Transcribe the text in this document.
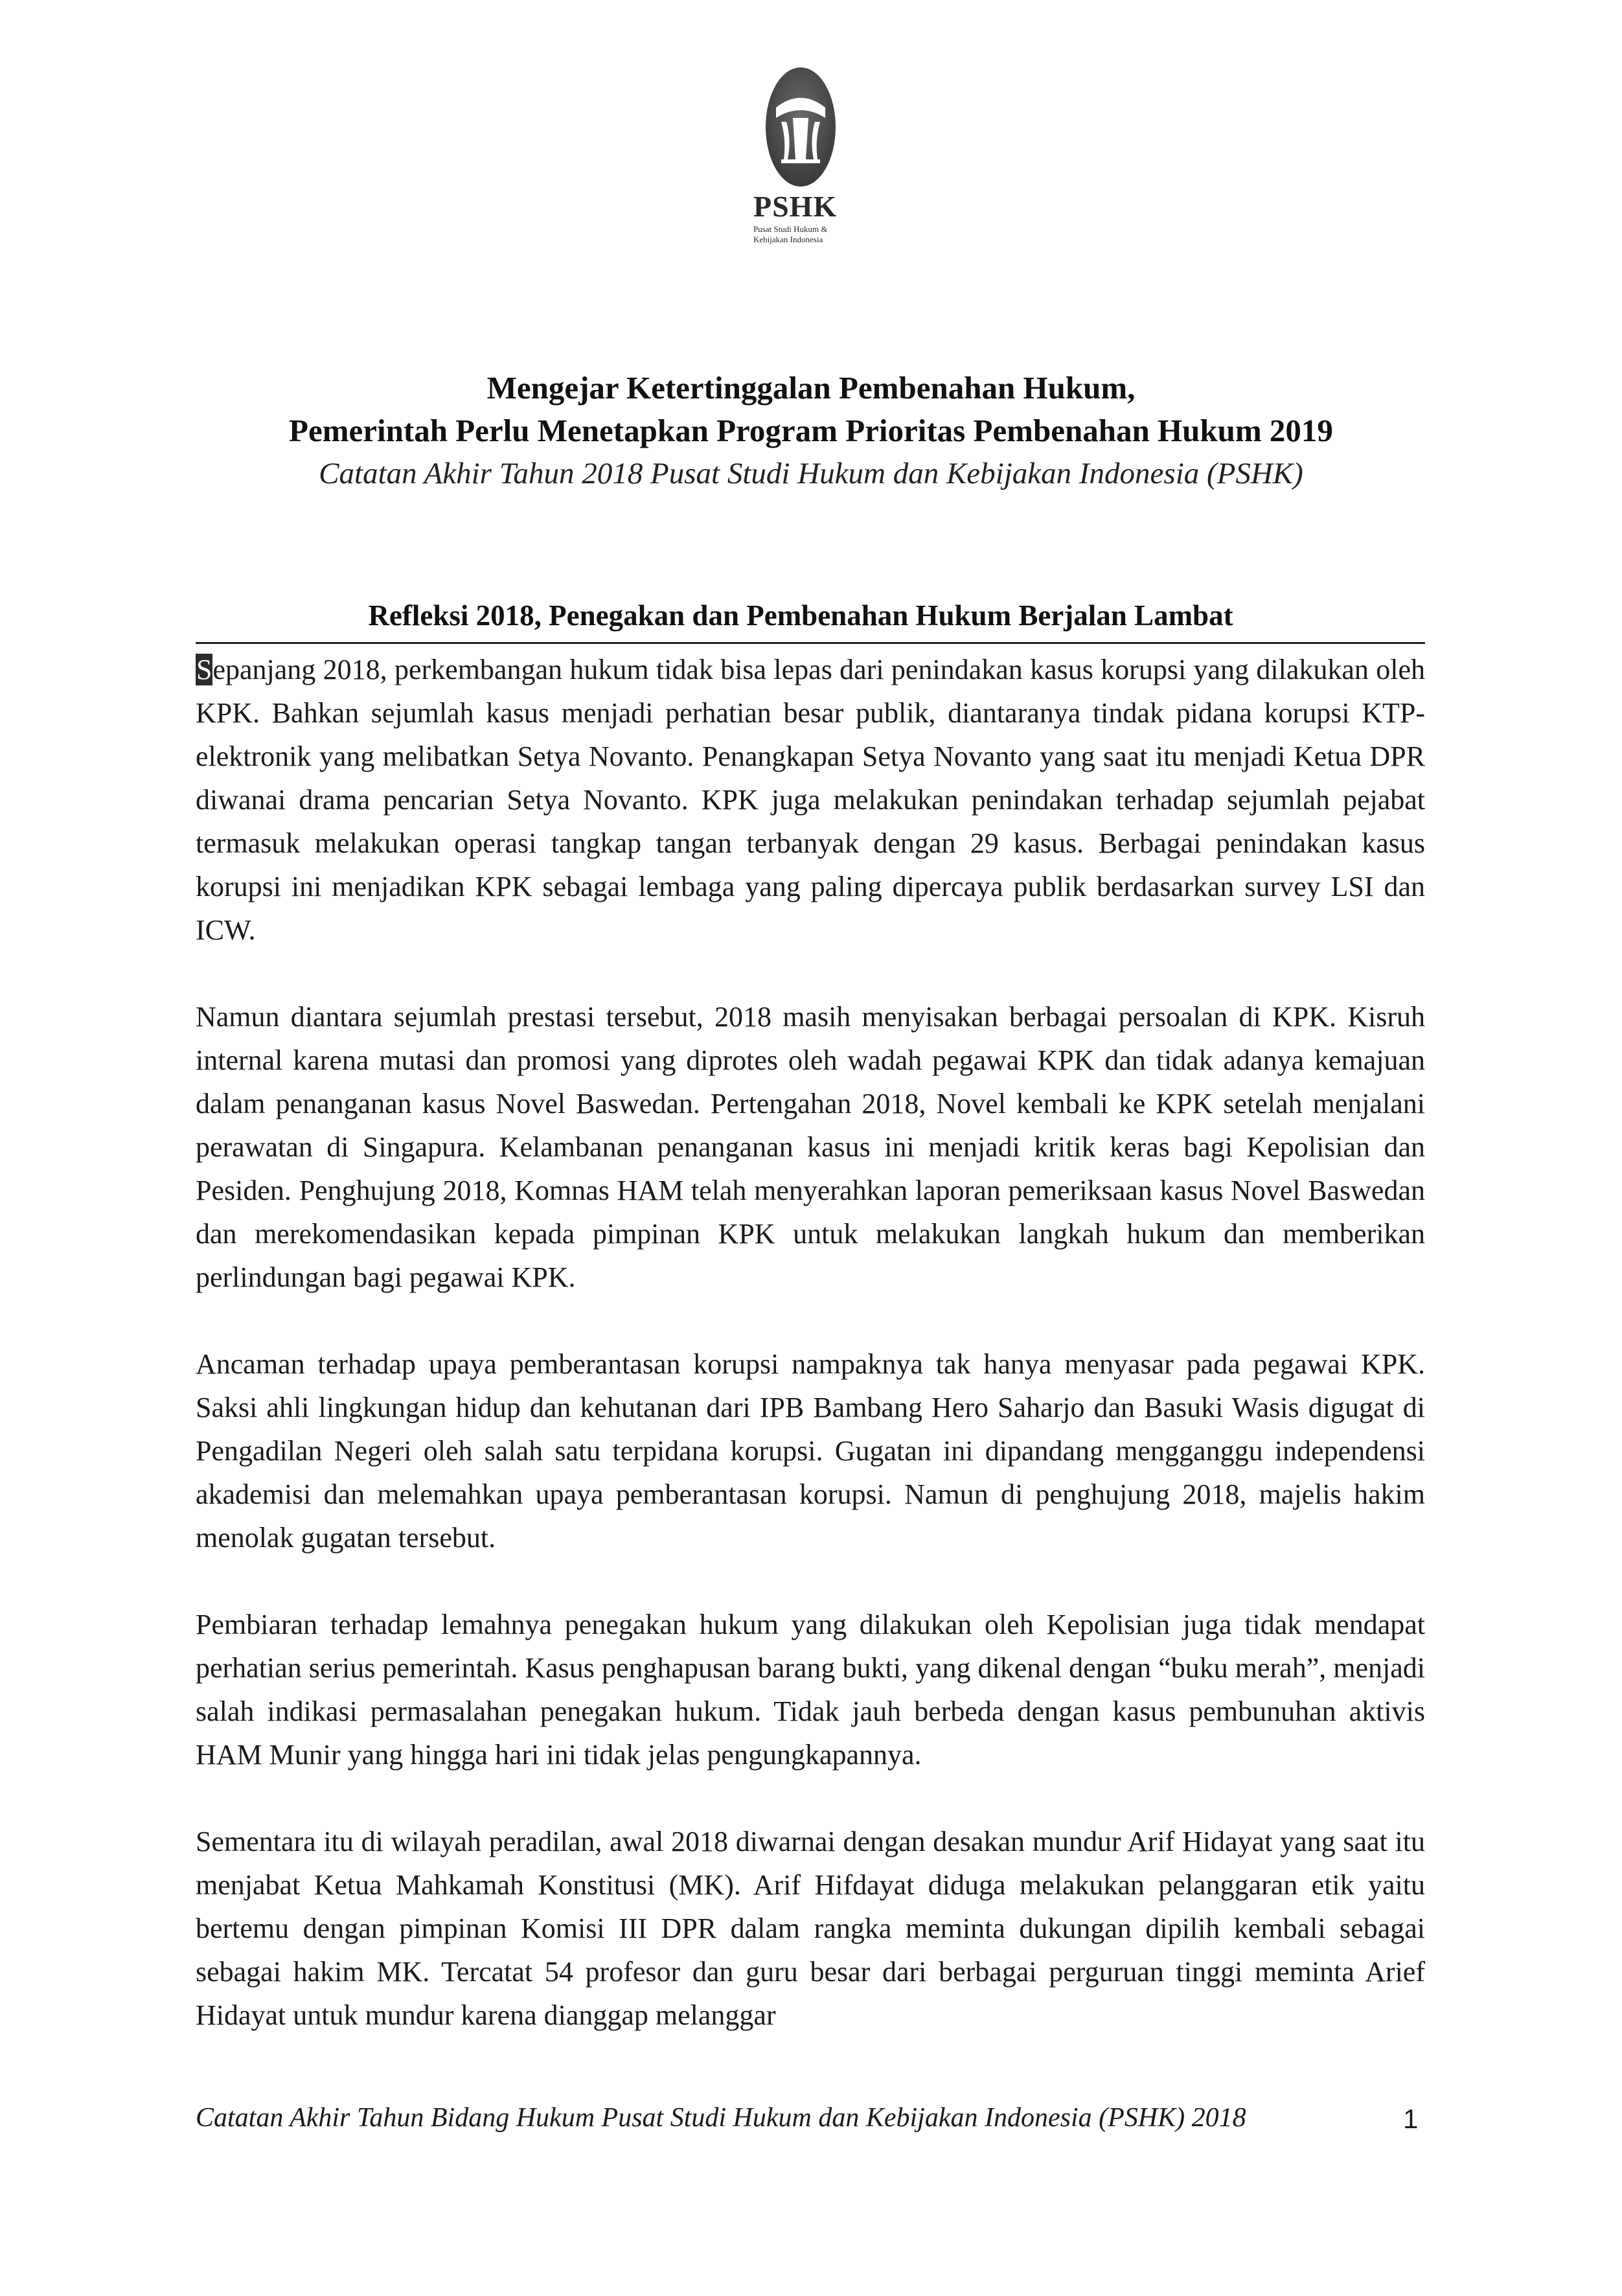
PSHK
Pusat Studi Hukum &
Kebijakan Indonesia
Mengejar Ketertinggalan Pembenahan Hukum,
Pemerintah Perlu Menetapkan Program Prioritas Pembenahan Hukum 2019
Catatan Akhir Tahun 2018 Pusat Studi Hukum dan Kebijakan Indonesia (PSHK)
Refleksi 2018, Penegakan dan Pembenahan Hukum Berjalan Lambat

Sepanjang 2018, perkembangan hukum tidak bisa lepas dari penindakan kasus korupsi yang dilakukan oleh KPK. Bahkan sejumlah kasus menjadi perhatian besar publik, diantaranya tindak pidana korupsi KTP-elektronik yang melibatkan Setya Novanto. Penangkapan Setya Novanto yang saat itu menjadi Ketua DPR diwanai drama pencarian Setya Novanto. KPK juga melakukan penindakan terhadap sejumlah pejabat termasuk melakukan operasi tangkap tangan terbanyak dengan 29 kasus. Berbagai penindakan kasus korupsi ini menjadikan KPK sebagai lembaga yang paling dipercaya publik berdasarkan survey LSI dan ICW.

Namun diantara sejumlah prestasi tersebut, 2018 masih menyisakan berbagai persoalan di KPK. Kisruh internal karena mutasi dan promosi yang diprotes oleh wadah pegawai KPK dan tidak adanya kemajuan dalam penanganan kasus Novel Baswedan. Pertengahan 2018, Novel kembali ke KPK setelah menjalani perawatan di Singapura. Kelambanan penanganan kasus ini menjadi kritik keras bagi Kepolisian dan Pesiden. Penghujung 2018, Komnas HAM telah menyerahkan laporan pemeriksaan kasus Novel Baswedan dan merekomendasikan kepada pimpinan KPK untuk melakukan langkah hukum dan memberikan perlindungan bagi pegawai KPK.

Ancaman terhadap upaya pemberantasan korupsi nampaknya tak hanya menyasar pada pegawai KPK. Saksi ahli lingkungan hidup dan kehutanan dari IPB Bambang Hero Saharjo dan Basuki Wasis digugat di Pengadilan Negeri oleh salah satu terpidana korupsi. Gugatan ini dipandang mengganggu independensi akademisi dan melemahkan upaya pemberantasan korupsi. Namun di penghujung 2018, majelis hakim menolak gugatan tersebut.

Pembiaran terhadap lemahnya penegakan hukum yang dilakukan oleh Kepolisian juga tidak mendapat perhatian serius pemerintah. Kasus penghapusan barang bukti, yang dikenal dengan “buku merah”, menjadi salah indikasi permasalahan penegakan hukum. Tidak jauh berbeda dengan kasus pembunuhan aktivis HAM Munir yang hingga hari ini tidak jelas pengungkapannya.

Sementara itu di wilayah peradilan, awal 2018 diwarnai dengan desakan mundur Arif Hidayat yang saat itu menjabat Ketua Mahkamah Konstitusi (MK). Arif Hifdayat diduga melakukan pelanggaran etik yaitu bertemu dengan pimpinan Komisi III DPR dalam rangka meminta dukungan dipilih kembali sebagai sebagai hakim MK. Tercatat 54 profesor dan guru besar dari berbagai perguruan tinggi meminta Arief Hidayat untuk mundur karena dianggap melanggar

Catatan Akhir Tahun Bidang Hukum Pusat Studi Hukum dan Kebijakan Indonesia (PSHK) 2018	1
